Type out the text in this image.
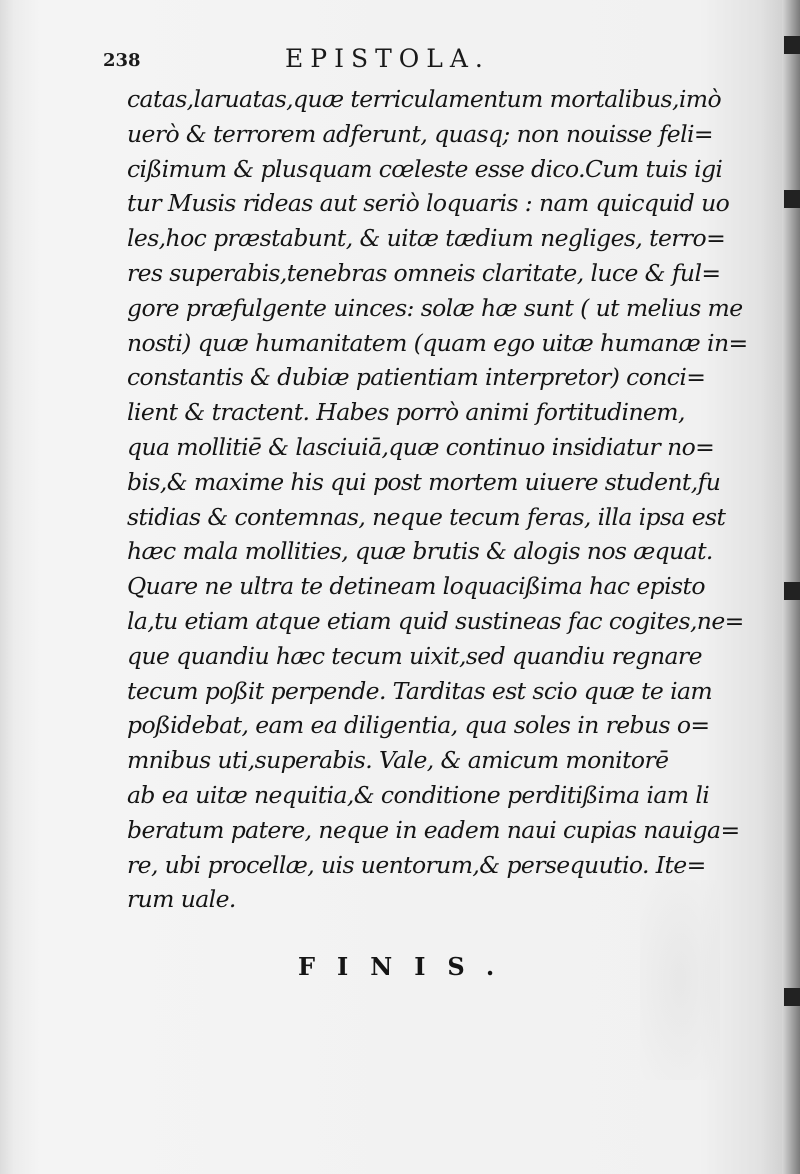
238	EPISTOLA.
catas,laruatas,quæ terriculamentum mortalibus,imò
uerò & terrorem adferunt, quasq; non nouisse feli=
cißimum & plusquam cœleste esse dico.Cum tuis igi
tur Musis rideas aut seriò loquaris : nam quicquid uo
les,hoc præstabunt, & uitæ tædium negliges, terro=
res superabis,tenebras omneis claritate, luce & ful=
gore præfulgente uinces: solæ hæ sunt ( ut melius me
nosti) quæ humanitatem (quam ego uitæ humanæ in=
constantis & dubiæ patientiam interpretor) conci=
lient & tractent. Habes porrò animi fortitudinem,
qua mollitiē & lasciuiā,quæ continuo insidiatur no=
bis,& maxime his qui post mortem uiuere student,fu
stidias & contemnas, neque tecum feras, illa ipsa est
hæc mala mollities, quæ brutis & alogis nos æquat.
Quare ne ultra te detineam loquacißima hac episto
la,tu etiam atque etiam quid sustineas fac cogites,ne=
que quandiu hæc tecum uixit,sed quandiu regnare
tecum poßit perpende. Tarditas est scio quæ te iam
poßidebat, eam ea diligentia, qua soles in rebus o=
mnibus uti,superabis. Vale, & amicum monitorē
ab ea uitæ nequitia,& conditione perditißima iam li
beratum patere, neque in eadem naui cupias nauiga=
re, ubi procellæ, uis uentorum,& persequutio. Ite=
rum uale.
FINIS.
